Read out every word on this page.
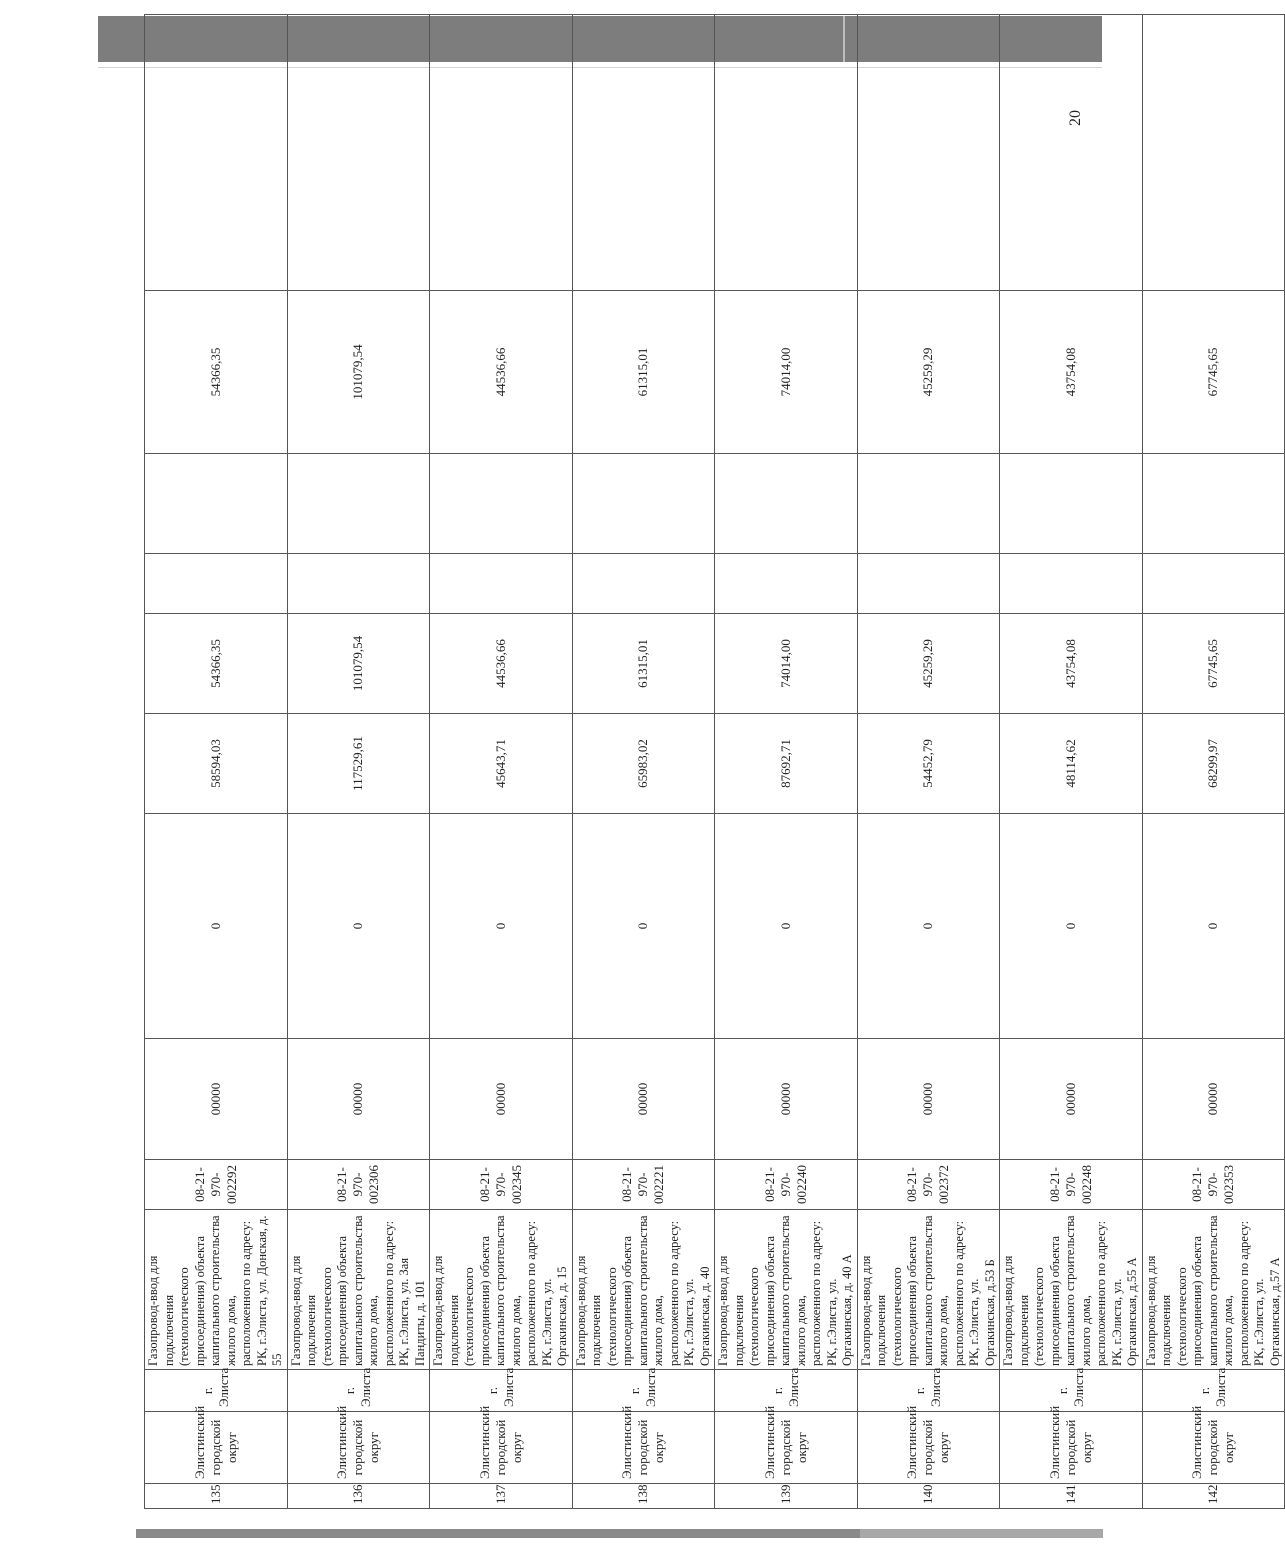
20
135	Элистинский городской округ	г. Элиста	Газопровод-ввод для подключения (технологического присоединения) объекта капитального строительства жилого дома, расположенного по адресу: РК, г.Элиста, ул. Донская, д. 55	08-21-970-002292	00000	0	58594,03	54366,35			54366,35	
136	Элистинский городской округ	г. Элиста	Газопровод-ввод для подключения (технологического присоединения) объекта капитального строительства жилого дома, расположенного по адресу: РК, г.Элиста, ул. Зая Пандиты, д. 101	08-21-970-002306	00000	0	117529,61	101079,54			101079,54	
137	Элистинский городской округ	г. Элиста	Газопровод-ввод для подключения (технологического присоединения) объекта капитального строительства жилого дома, расположенного по адресу: РК, г.Элиста, ул. Оргакинская, д. 15	08-21-970-002345	00000	0	45643,71	44536,66			44536,66	
138	Элистинский городской округ	г. Элиста	Газопровод-ввод для подключения (технологического присоединения) объекта капитального строительства жилого дома, расположенного по адресу: РК, г.Элиста, ул. Оргакинская, д. 40	08-21-970-002221	00000	0	65983,02	61315,01			61315,01	
139	Элистинский городской округ	г. Элиста	Газопровод-ввод для подключения (технологического присоединения) объекта капитального строительства жилого дома, расположенного по адресу: РК, г.Элиста, ул. Оргакинская, д. 40 А	08-21-970-002240	00000	0	87692,71	74014,00			74014,00	
140	Элистинский городской округ	г. Элиста	Газопровод-ввод для подключения (технологического присоединения) объекта капитального строительства жилого дома, расположенного по адресу: РК, г.Элиста, ул. Оргакинская, д.53 Б	08-21-970-002372	00000	0	54452,79	45259,29			45259,29	
141	Элистинский городской округ	г. Элиста	Газопровод-ввод для подключения (технологического присоединения) объекта капитального строительства жилого дома, расположенного по адресу: РК, г.Элиста, ул. Оргакинская, д.55 А	08-21-970-002248	00000	0	48114,62	43754,08			43754,08	
142	Элистинский городской округ	г. Элиста	Газопровод-ввод для подключения (технологического присоединения) объекта капитального строительства жилого дома, расположенного по адресу: РК, г.Элиста, ул. Оргакинская, д.57 А	08-21-970-002353	00000	0	68299,97	67745,65			67745,65	
